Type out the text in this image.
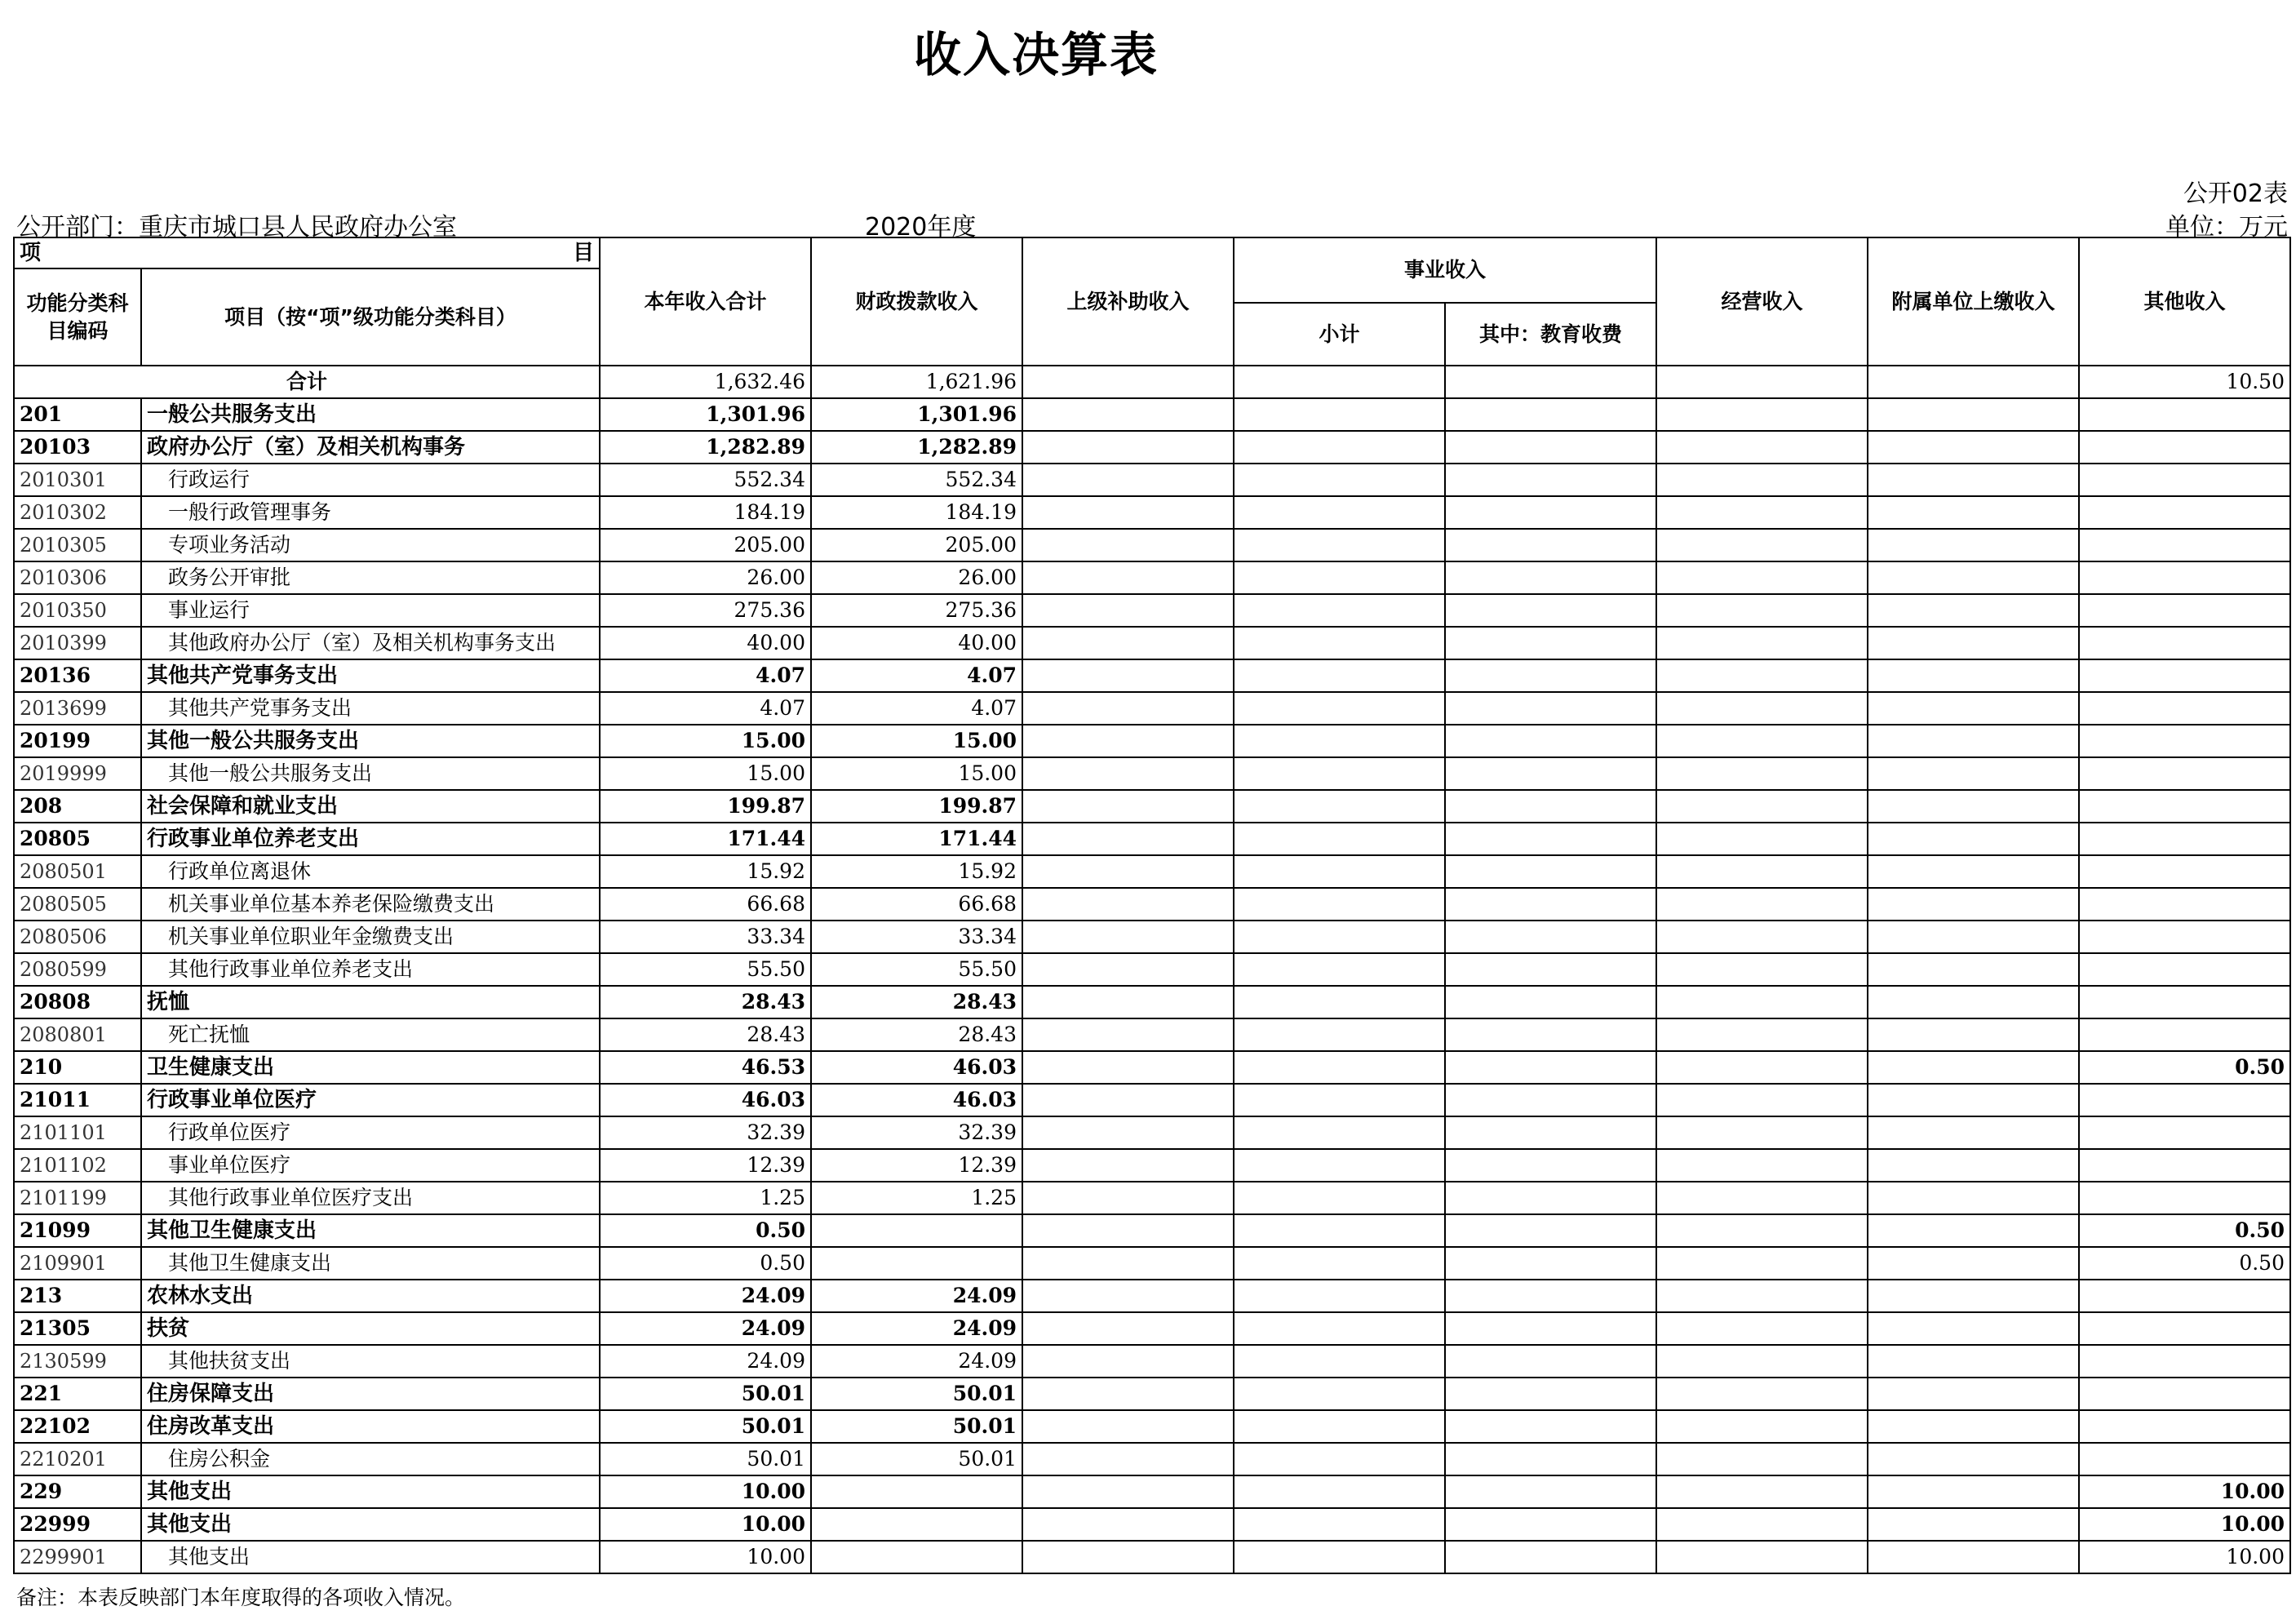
收入决算表
公开02表
公开部门：重庆市城口县人民政府办公室	2020年度	单位：万元
项 目		本年收入合计	财政拨款收入	上级补助收入	事业收入		经营收入	附属单位上缴收入	其他收入
功能分类科目编码	项目（按“项”级功能分类科目）								
					小计	其中：教育收费			
合计		1,632.46	1,621.96						10.50
201	一般公共服务支出	1,301.96	1,301.96						
20103	政府办公厅（室）及相关机构事务	1,282.89	1,282.89						
2010301	行政运行	552.34	552.34						
2010302	一般行政管理事务	184.19	184.19						
2010305	专项业务活动	205.00	205.00						
2010306	政务公开审批	26.00	26.00						
2010350	事业运行	275.36	275.36						
2010399	其他政府办公厅（室）及相关机构事务支出	40.00	40.00						
20136	其他共产党事务支出	4.07	4.07						
2013699	其他共产党事务支出	4.07	4.07						
20199	其他一般公共服务支出	15.00	15.00						
2019999	其他一般公共服务支出	15.00	15.00						
208	社会保障和就业支出	199.87	199.87						
20805	行政事业单位养老支出	171.44	171.44						
2080501	行政单位离退休	15.92	15.92						
2080505	机关事业单位基本养老保险缴费支出	66.68	66.68						
2080506	机关事业单位职业年金缴费支出	33.34	33.34						
2080599	其他行政事业单位养老支出	55.50	55.50						
20808	抚恤	28.43	28.43						
2080801	死亡抚恤	28.43	28.43						
210	卫生健康支出	46.53	46.03						0.50
21011	行政事业单位医疗	46.03	46.03						
2101101	行政单位医疗	32.39	32.39						
2101102	事业单位医疗	12.39	12.39						
2101199	其他行政事业单位医疗支出	1.25	1.25						
21099	其他卫生健康支出	0.50							0.50
2109901	其他卫生健康支出	0.50							0.50
213	农林水支出	24.09	24.09						
21305	扶贫	24.09	24.09						
2130599	其他扶贫支出	24.09	24.09						
221	住房保障支出	50.01	50.01						
22102	住房改革支出	50.01	50.01						
2210201	住房公积金	50.01	50.01						
229	其他支出	10.00							10.00
22999	其他支出	10.00							10.00
2299901	其他支出	10.00							10.00
备注：本表反映部门本年度取得的各项收入情况。
